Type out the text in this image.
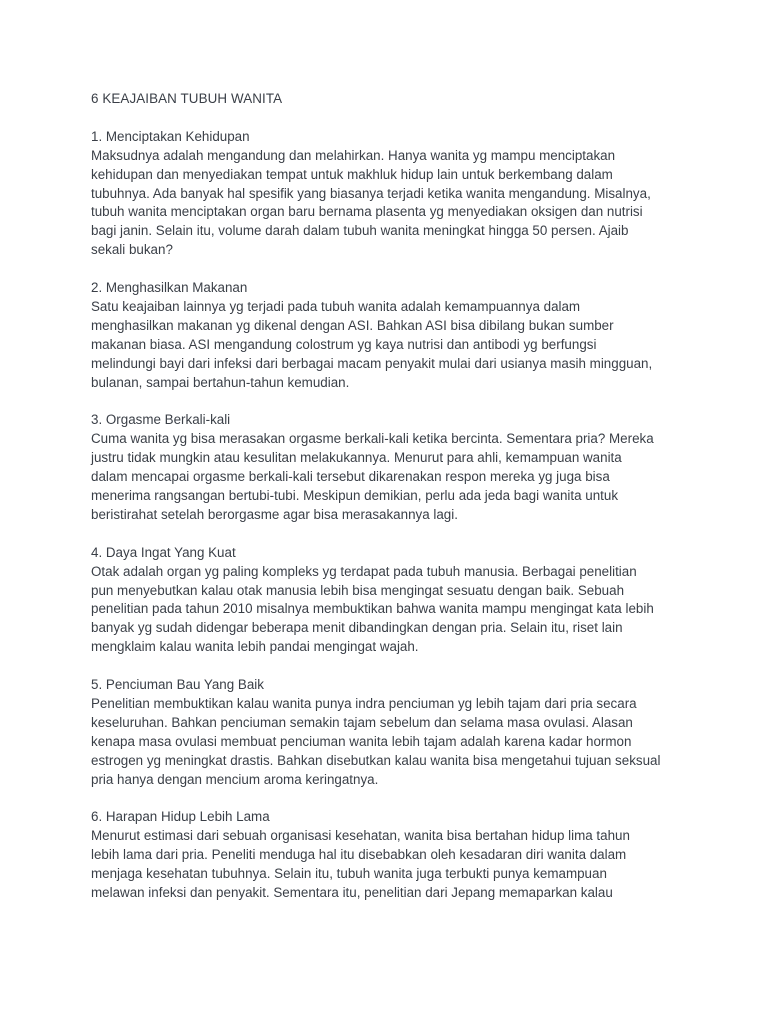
6 KEAJAIBAN TUBUH WANITA

1. Menciptakan Kehidupan

Maksudnya adalah mengandung dan melahirkan. Hanya wanita yg mampu menciptakan
kehidupan dan menyediakan tempat untuk makhluk hidup lain untuk berkembang dalam
tubuhnya. Ada banyak hal spesifik yang biasanya terjadi ketika wanita mengandung. Misalnya,
tubuh wanita menciptakan organ baru bernama plasenta yg menyediakan oksigen dan nutrisi
bagi janin. Selain itu, volume darah dalam tubuh wanita meningkat hingga 50 persen. Ajaib
sekali bukan?

2. Menghasilkan Makanan

Satu keajaiban lainnya yg terjadi pada tubuh wanita adalah kemampuannya dalam
menghasilkan makanan yg dikenal dengan ASI. Bahkan ASI bisa dibilang bukan sumber
makanan biasa. ASI mengandung colostrum yg kaya nutrisi dan antibodi yg berfungsi
melindungi bayi dari infeksi dari berbagai macam penyakit mulai dari usianya masih mingguan,
bulanan, sampai bertahun-tahun kemudian.

3. Orgasme Berkali-kali

Cuma wanita yg bisa merasakan orgasme berkali-kali ketika bercinta. Sementara pria? Mereka
justru tidak mungkin atau kesulitan melakukannya. Menurut para ahli, kemampuan wanita
dalam mencapai orgasme berkali-kali tersebut dikarenakan respon mereka yg juga bisa
menerima rangsangan bertubi-tubi. Meskipun demikian, perlu ada jeda bagi wanita untuk
beristirahat setelah berorgasme agar bisa merasakannya lagi.

4. Daya Ingat Yang Kuat

Otak adalah organ yg paling kompleks yg terdapat pada tubuh manusia. Berbagai penelitian
pun menyebutkan kalau otak manusia lebih bisa mengingat sesuatu dengan baik. Sebuah
penelitian pada tahun 2010 misalnya membuktikan bahwa wanita mampu mengingat kata lebih
banyak yg sudah didengar beberapa menit dibandingkan dengan pria. Selain itu, riset lain
mengklaim kalau wanita lebih pandai mengingat wajah.

5. Penciuman Bau Yang Baik

Penelitian membuktikan kalau wanita punya indra penciuman yg lebih tajam dari pria secara
keseluruhan. Bahkan penciuman semakin tajam sebelum dan selama masa ovulasi. Alasan
kenapa masa ovulasi membuat penciuman wanita lebih tajam adalah karena kadar hormon
estrogen yg meningkat drastis. Bahkan disebutkan kalau wanita bisa mengetahui tujuan seksual
pria hanya dengan mencium aroma keringatnya.

6. Harapan Hidup Lebih Lama

Menurut estimasi dari sebuah organisasi kesehatan, wanita bisa bertahan hidup lima tahun
lebih lama dari pria. Peneliti menduga hal itu disebabkan oleh kesadaran diri wanita dalam
menjaga kesehatan tubuhnya. Selain itu, tubuh wanita juga terbukti punya kemampuan
melawan infeksi dan penyakit. Sementara itu, penelitian dari Jepang memaparkan kalau
